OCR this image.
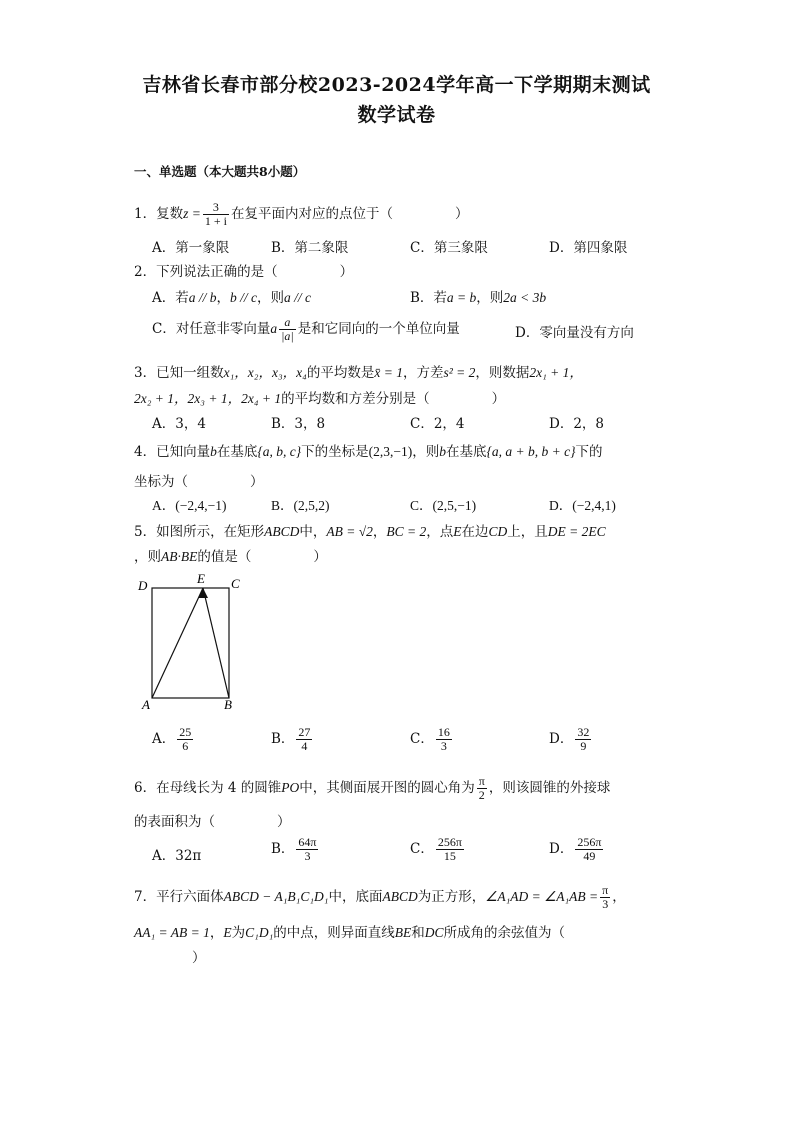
吉林省长春市部分校2023-2024学年高一下学期期末测试
数学试卷
一、单选题（本大题共8小题）
1．复数$z = \frac{3}{1 + i}$ 在复平面内对应的点位于（	）
A．第一象限	B．第二象限	C．第三象限	D．第四象限
2．下列说法正确的是（	）
A．若a // b，b // c，则a // c	B．若a = b，则2a < 3b
C．对任意非零向量a $\frac{a}{|a|}$ 是和它同向的一个单位向量	D．零向量没有方向
3．已知一组数x₁，x₂，x₃，x₄的平均数是x̄ = 1，方差s² = 2，则数据2x₁ + 1，
2x₂ + 1，2x₃ + 1，2x₄ + 1的平均数和方差分别是（	）
A．3，4	B．3，8	C．2，4	D．2，8
4．已知向量b在基底{a, b, c}下的坐标是(2,3,−1)，则b在基底{a, a + b, b + c}下的
坐标为（	）
A．(−2,4,−1)	B．(2,5,2)	C．(2,5,−1)	D．(−2,4,1)
5．如图所示，在矩形ABCD中，AB = √2，BC = 2，点E在边CD上，且DE = 2EC
，则AB·BE的值是（	）
D	E C
A	B
A． $\frac{25}{6}$	B． $\frac{27}{4}$	C． $\frac{16}{3}$	D． $\frac{32}{9}$
6．在母线长为 4 的圆锥PO中，其侧面展开图的圆心角为 $\frac{\pi}{2}$ ，则该圆锥的外接球
的表面积为（	）
A．32π	B． $\frac{64\pi}{3}$	C． $\frac{256\pi}{15}$	D． $\frac{256\pi}{49}$
7．平行六面体ABCD − A₁B₁C₁D₁中，底面ABCD为正方形，∠A₁AD = ∠A₁AB = $\frac{\pi}{3}$ ，
AA₁ = AB = 1，E为C₁D₁的中点，则异面直线BE和DC所成角的余弦值为（
）
